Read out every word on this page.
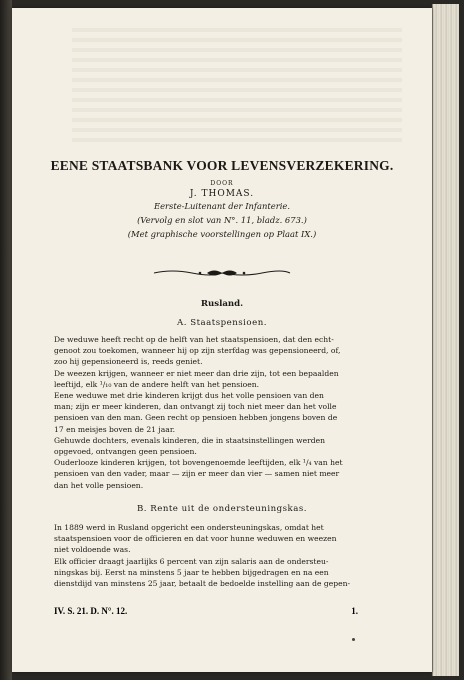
EENE STAATSBANK VOOR LEVENSVERZEKERING.
DOOR
J. THOMAS.
Eerste-Luitenant der Infanterie.
(Vervolg en slot van N°. 11, bladz. 673.)
(Met graphische voorstellingen op Plaat IX.)
Rusland.
A. Staatspensioen.
De weduwe heeft recht op de helft van het staatspensioen, dat den echt-
genoot zou toekomen, wanneer hij op zijn sterfdag was gepensioneerd, of,
zoo hij gepensioneerd is, reeds geniet.
De weezen krijgen, wanneer er niet meer dan drie zijn, tot een bepaalden
leeftijd, elk ¹/₁₀ van de andere helft van het pensioen.
Eene weduwe met drie kinderen krijgt dus het volle pensioen van den
man; zijn er meer kinderen, dan ontvangt zij toch niet meer dan het volle
pensioen van den man. Geen recht op pensioen hebben jongens boven de
17 en meisjes boven de 21 jaar.
Gehuwde dochters, evenals kinderen, die in staatsinstellingen werden
opgevoed, ontvangen geen pensioen.
Ouderlooze kinderen krijgen, tot bovengenoemde leeftijden, elk ¹/₄ van het
pensioen van den vader, maar — zijn er meer dan vier — samen niet meer
dan het volle pensioen.
B. Rente uit de ondersteuningskas.
In 1889 werd in Rusland opgericht een ondersteuningskas, omdat het
staatspensioen voor de officieren en dat voor hunne weduwen en weezen
niet voldoende was.
Elk officier draagt jaarlijks 6 percent van zijn salaris aan de ondersteu-
ningskas bij. Eerst na minstens 5 jaar te hebben bijgedragen en na een
dienstdijd van minstens 25 jaar, betaalt de bedoelde instelling aan de gepen-
IV. S. 21. D. N°. 12.	1.
